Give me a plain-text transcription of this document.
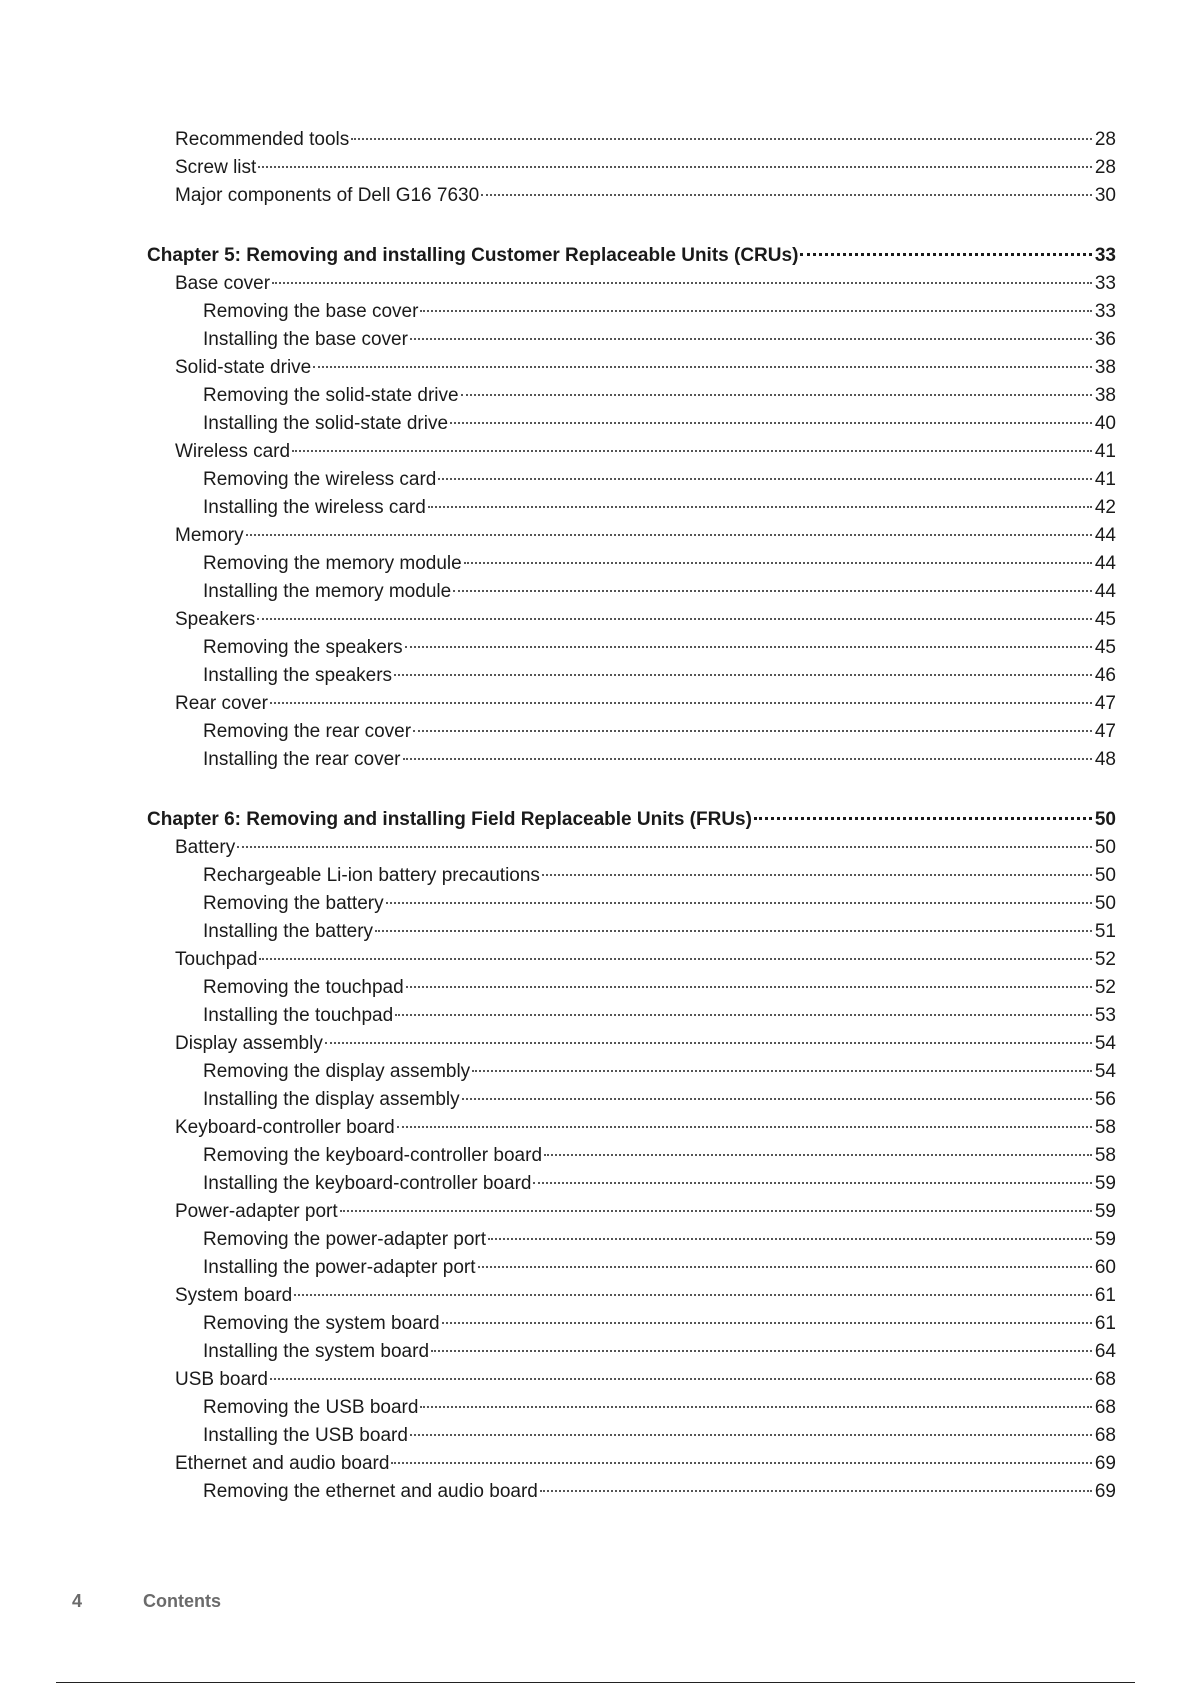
Recommended tools	28
Screw list	28
Major components of Dell G16 7630	30
Chapter 5: Removing and installing Customer Replaceable Units (CRUs)	33
Base cover	33
Removing the base cover	33
Installing the base cover	36
Solid-state drive	38
Removing the solid-state drive	38
Installing the solid-state drive	40
Wireless card	41
Removing the wireless card	41
Installing the wireless card	42
Memory	44
Removing the memory module	44
Installing the memory module	44
Speakers	45
Removing the speakers	45
Installing the speakers	46
Rear cover	47
Removing the rear cover	47
Installing the rear cover	48
Chapter 6: Removing and installing Field Replaceable Units (FRUs)	50
Battery	50
Rechargeable Li-ion battery precautions	50
Removing the battery	50
Installing the battery	51
Touchpad	52
Removing the touchpad	52
Installing the touchpad	53
Display assembly	54
Removing the display assembly	54
Installing the display assembly	56
Keyboard-controller board	58
Removing the keyboard-controller board	58
Installing the keyboard-controller board	59
Power-adapter port	59
Removing the power-adapter port	59
Installing the power-adapter port	60
System board	61
Removing the system board	61
Installing the system board	64
USB board	68
Removing the USB board	68
Installing the USB board	68
Ethernet and audio board	69
Removing the ethernet and audio board	69
4	Contents
